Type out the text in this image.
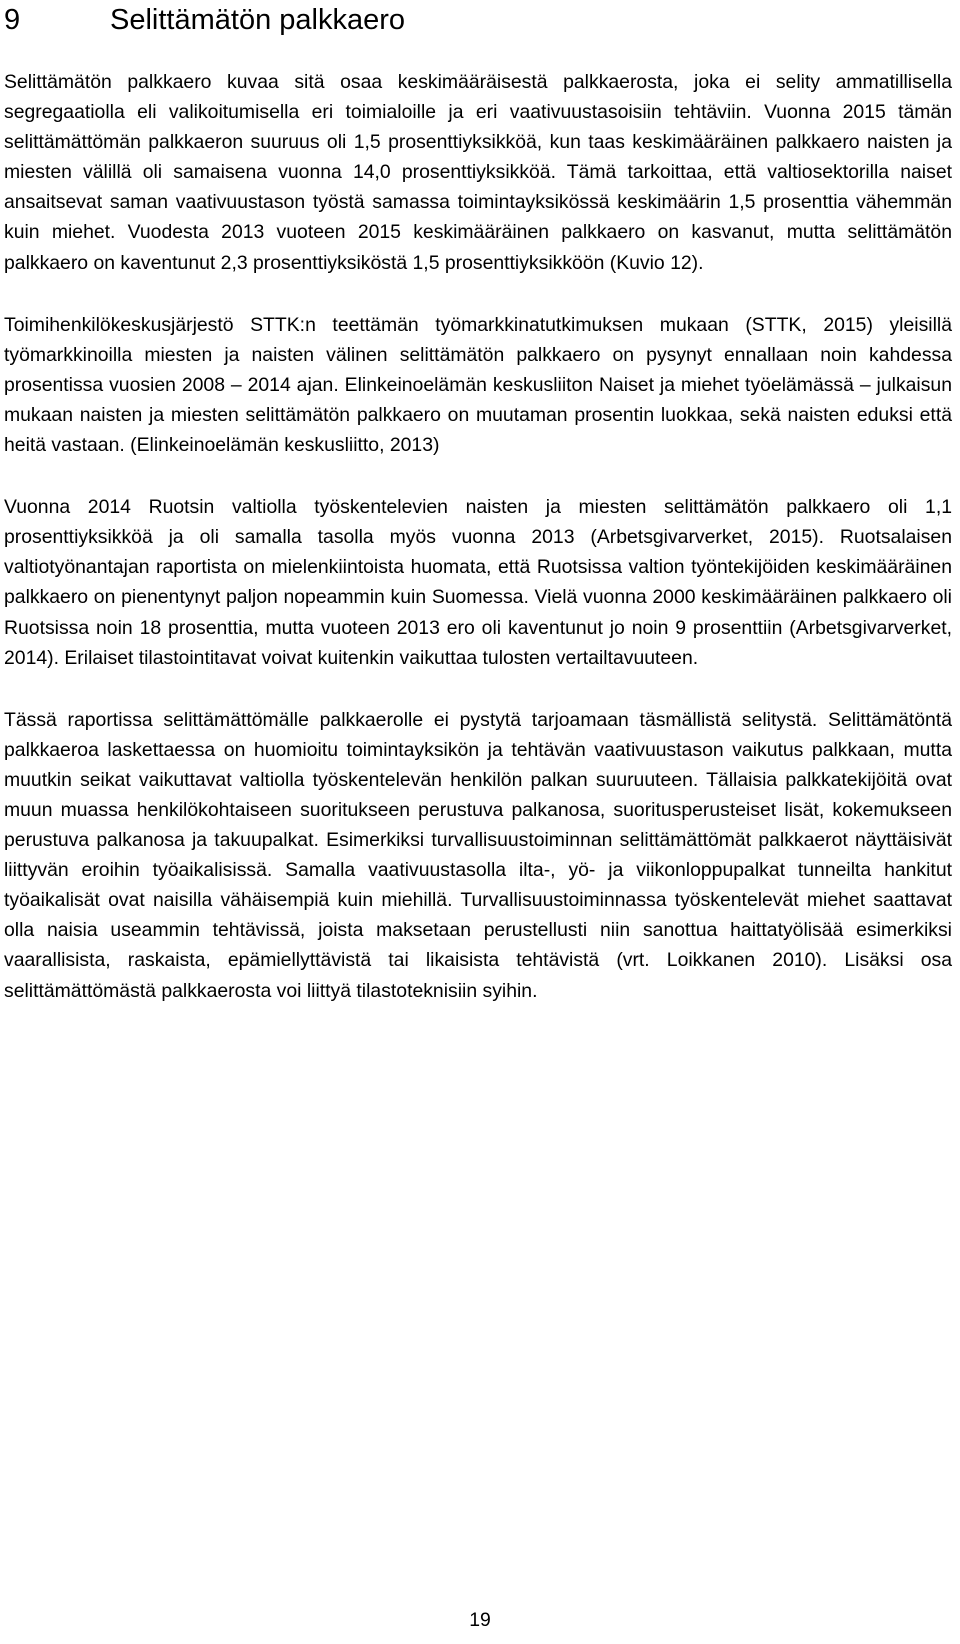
9	Selittämätön palkkaero

Selittämätön palkkaero kuvaa sitä osaa keskimääräisestä palkkaerosta, joka ei selity ammatillisella segregaatiolla eli valikoitumisella eri toimialoille ja eri vaativuustasoisiin tehtäviin. Vuonna 2015 tämän selittämättömän palkkaeron suuruus oli 1,5 prosenttiyksikköä, kun taas keskimääräinen palkkaero naisten ja miesten välillä oli samaisena vuonna 14,0 prosenttiyksikköä. Tämä tarkoittaa, että valtiosektorilla naiset ansaitsevat saman vaativuustason työstä samassa toimintayksikössä keskimäärin 1,5 prosenttia vähemmän kuin miehet. Vuodesta 2013 vuoteen 2015 keskimääräinen palkkaero on kasvanut, mutta selittämätön palkkaero on kaventunut 2,3 prosenttiyksiköstä 1,5 prosenttiyksikköön (Kuvio 12).

Toimihenkilökeskusjärjestö STTK:n teettämän työmarkkinatutkimuksen mukaan (STTK, 2015) yleisillä työmarkkinoilla miesten ja naisten välinen selittämätön palkkaero on pysynyt ennallaan noin kahdessa prosentissa vuosien 2008 – 2014 ajan. Elinkeinoelämän keskusliiton Naiset ja miehet työelämässä – julkaisun mukaan naisten ja miesten selittämätön palkkaero on muutaman prosentin luokkaa, sekä naisten eduksi että heitä vastaan. (Elinkeinoelämän keskusliitto, 2013)

Vuonna 2014 Ruotsin valtiolla työskentelevien naisten ja miesten selittämätön palkkaero oli 1,1 prosenttiyksikköä ja oli samalla tasolla myös vuonna 2013 (Arbetsgivarverket, 2015). Ruotsalaisen valtiotyönantajan raportista on mielenkiintoista huomata, että Ruotsissa valtion työntekijöiden keskimääräinen palkkaero on pienentynyt paljon nopeammin kuin Suomessa. Vielä vuonna 2000 keskimääräinen palkkaero oli Ruotsissa noin 18 prosenttia, mutta vuoteen 2013 ero oli kaventunut jo noin 9 prosenttiin (Arbetsgivarverket, 2014). Erilaiset tilastointitavat voivat kuitenkin vaikuttaa tulosten vertailtavuuteen.

Tässä raportissa selittämättömälle palkkaerolle ei pystytä tarjoamaan täsmällistä selitystä. Selittämätöntä palkkaeroa laskettaessa on huomioitu toimintayksikön ja tehtävän vaativuustason vaikutus palkkaan, mutta muutkin seikat vaikuttavat valtiolla työskentelevän henkilön palkan suuruuteen. Tällaisia palkkatekijöitä ovat muun muassa henkilökohtaiseen suoritukseen perustuva palkanosa, suoritusperusteiset lisät, kokemukseen perustuva palkanosa ja takuupalkat. Esimerkiksi turvallisuustoiminnan selittämättömät palkkaerot näyttäisivät liittyvän eroihin työaikalisissä. Samalla vaativuustasolla ilta-, yö- ja viikonloppupalkat tunneilta hankitut työaikalisät ovat naisilla vähäisempiä kuin miehillä. Turvallisuustoiminnassa työskentelevät miehet saattavat olla naisia useammin tehtävissä, joista maksetaan perustellusti niin sanottua haittatyölisää esimerkiksi vaarallisista, raskaista, epämiellyttävistä tai likaisista tehtävistä (vrt. Loikkanen 2010). Lisäksi osa selittämättömästä palkkaerosta voi liittyä tilastoteknisiin syihin.

19
